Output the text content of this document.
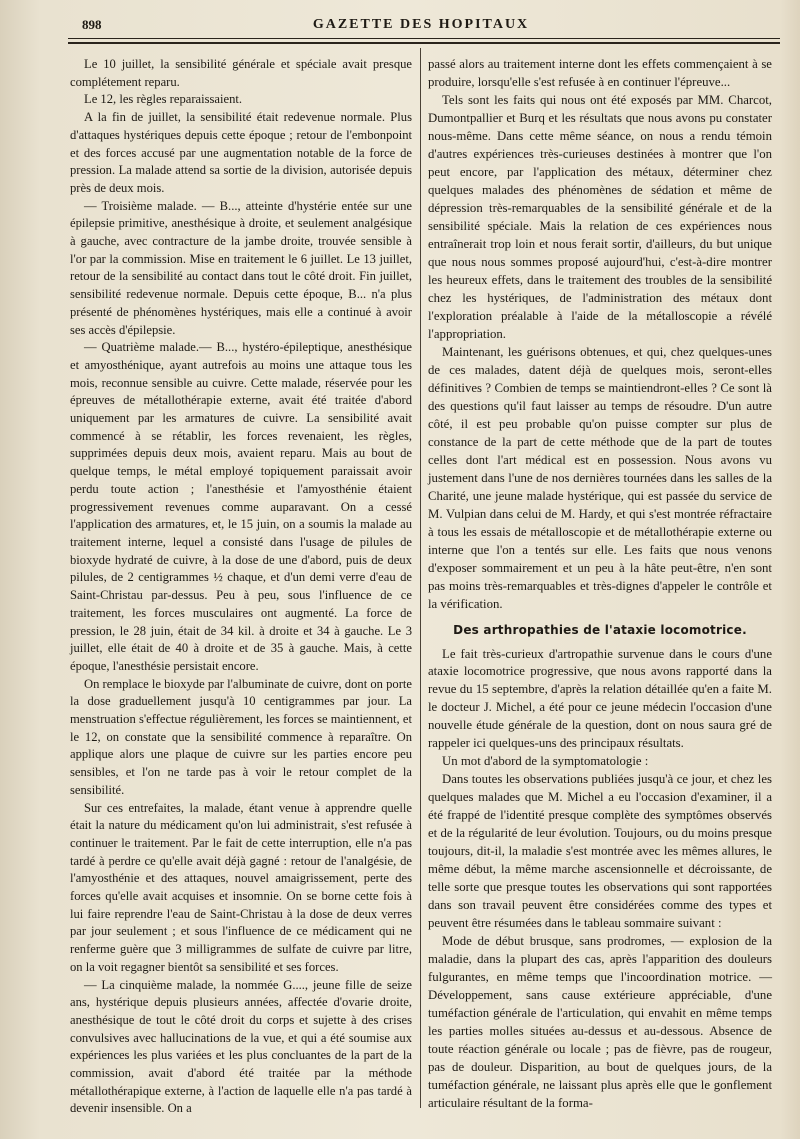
898	GAZETTE DES HOPITAUX

Le 10 juillet, la sensibilité générale et spéciale avait presque complétement reparu.

Le 12, les règles reparaissaient.

A la fin de juillet, la sensibilité était redevenue normale. Plus d'attaques hystériques depuis cette époque ; retour de l'embonpoint et des forces accusé par une augmentation notable de la force de pression. La malade attend sa sortie de la division, autorisée depuis près de deux mois.

— Troisième malade. — B..., atteinte d'hystérie entée sur une épilepsie primitive, anesthésique à droite, et seulement analgésique à gauche, avec contracture de la jambe droite, trouvée sensible à l'or par la commission. Mise en traitement le 6 juillet. Le 13 juillet, retour de la sensibilité au contact dans tout le côté droit. Fin juillet, sensibilité redevenue normale. Depuis cette époque, B... n'a plus présenté de phénomènes hystériques, mais elle a continué à avoir ses accès d'épilepsie.

— Quatrième malade.— B..., hystéro-épileptique, anesthésique et amyosthénique, ayant autrefois au moins une attaque tous les mois, reconnue sensible au cuivre. Cette malade, réservée pour les épreuves de métallothérapie externe, avait été traitée d'abord uniquement par les armatures de cuivre. La sensibilité avait commencé à se rétablir, les forces revenaient, les règles, supprimées depuis deux mois, avaient reparu. Mais au bout de quelque temps, le métal employé topiquement paraissait avoir perdu toute action ; l'anesthésie et l'amyosthénie étaient progressivement revenues comme auparavant. On a cessé l'application des armatures, et, le 15 juin, on a soumis la malade au traitement interne, lequel a consisté dans l'usage de pilules de bioxyde hydraté de cuivre, à la dose de une d'abord, puis de deux pilules, de 2 centigrammes ½ chaque, et d'un demi verre d'eau de Saint-Christau par-dessus. Peu à peu, sous l'influence de ce traitement, les forces musculaires ont augmenté. La force de pression, le 28 juin, était de 34 kil. à droite et 34 à gauche. Le 3 juillet, elle était de 40 à droite et de 35 à gauche. Mais, à cette époque, l'anesthésie persistait encore.

On remplace le bioxyde par l'albuminate de cuivre, dont on porte la dose graduellement jusqu'à 10 centigrammes par jour. La menstruation s'effectue régulièrement, les forces se maintiennent, et le 12, on constate que la sensibilité commence à reparaître. On applique alors une plaque de cuivre sur les parties encore peu sensibles, et l'on ne tarde pas à voir le retour complet de la sensibilité.

Sur ces entrefaites, la malade, étant venue à apprendre quelle était la nature du médicament qu'on lui administrait, s'est refusée à continuer le traitement. Par le fait de cette interruption, elle n'a pas tardé à perdre ce qu'elle avait déjà gagné : retour de l'analgésie, de l'amyosthénie et des attaques, nouvel amaigrissement, perte des forces qu'elle avait acquises et insomnie. On se borne cette fois à lui faire reprendre l'eau de Saint-Christau à la dose de deux verres par jour seulement ; et sous l'influence de ce médicament qui ne renferme guère que 3 milligrammes de sulfate de cuivre par litre, on la voit regagner bientôt sa sensibilité et ses forces.

— La cinquième malade, la nommée G...., jeune fille de seize ans, hystérique depuis plusieurs années, affectée d'ovarie droite, anesthésique de tout le côté droit du corps et sujette à des crises convulsives avec hallucinations de la vue, et qui a été soumise aux expériences les plus variées et les plus concluantes de la part de la commission, avait d'abord été traitée par la méthode métallothérapique externe, à l'action de laquelle elle n'a pas tardé à devenir insensible. On a

passé alors au traitement interne dont les effets commençaient à se produire, lorsqu'elle s'est refusée à en continuer l'épreuve...

Tels sont les faits qui nous ont été exposés par MM. Charcot, Dumontpallier et Burq et les résultats que nous avons pu constater nous-même. Dans cette même séance, on nous a rendu témoin d'autres expériences très-curieuses destinées à montrer que l'on peut encore, par l'application des métaux, déterminer chez quelques malades des phénomènes de sédation et même de dépression très-remarquables de la sensibilité générale et de la sensibilité spéciale. Mais la relation de ces expériences nous entraînerait trop loin et nous ferait sortir, d'ailleurs, du but unique que nous nous sommes proposé aujourd'hui, c'est-à-dire montrer les heureux effets, dans le traitement des troubles de la sensibilité chez les hystériques, de l'administration des métaux dont l'exploration préalable à l'aide de la métalloscopie a révélé l'appropriation.

Maintenant, les guérisons obtenues, et qui, chez quelques-unes de ces malades, datent déjà de quelques mois, seront-elles définitives ? Combien de temps se maintiendront-elles ? Ce sont là des questions qu'il faut laisser au temps de résoudre. D'un autre côté, il est peu probable qu'on puisse compter sur plus de constance de la part de cette méthode que de la part de toutes celles dont l'art médical est en possession. Nous avons vu justement dans l'une de nos dernières tournées dans les salles de la Charité, une jeune malade hystérique, qui est passée du service de M. Vulpian dans celui de M. Hardy, et qui s'est montrée réfractaire à tous les essais de métalloscopie et de métallothérapie externe ou interne que l'on a tentés sur elle. Les faits que nous venons d'exposer sommairement et un peu à la hâte peut-être, n'en sont pas moins très-remarquables et très-dignes d'appeler le contrôle et la vérification.

Des arthropathies de l'ataxie locomotrice.

Le fait très-curieux d'artropathie survenue dans le cours d'une ataxie locomotrice progressive, que nous avons rapporté dans la revue du 15 septembre, d'après la relation détaillée qu'en a faite M. le docteur J. Michel, a été pour ce jeune médecin l'occasion d'une nouvelle étude générale de la question, dont on nous saura gré de rappeler ici quelques-uns des principaux résultats.

Un mot d'abord de la symptomatologie :

Dans toutes les observations publiées jusqu'à ce jour, et chez les quelques malades que M. Michel a eu l'occasion d'examiner, il a été frappé de l'identité presque complète des symptômes observés et de la régularité de leur évolution. Toujours, ou du moins presque toujours, dit-il, la maladie s'est montrée avec les mêmes allures, le même début, la même marche ascensionnelle et décroissante, de telle sorte que presque toutes les observations qui sont rapportées dans son travail peuvent être considérées comme des types et peuvent être résumées dans le tableau sommaire suivant :

Mode de début brusque, sans prodromes, — explosion de la maladie, dans la plupart des cas, après l'apparition des douleurs fulgurantes, en même temps que l'incoordination motrice. — Développement, sans cause extérieure appréciable, d'une tuméfaction générale de l'articulation, qui envahit en même temps les parties molles situées au-dessus et au-dessous. Absence de toute réaction générale ou locale ; pas de fièvre, pas de rougeur, pas de douleur. Disparition, au bout de quelques jours, de la tuméfaction générale, ne laissant plus après elle que le gonflement articulaire résultant de la forma-
